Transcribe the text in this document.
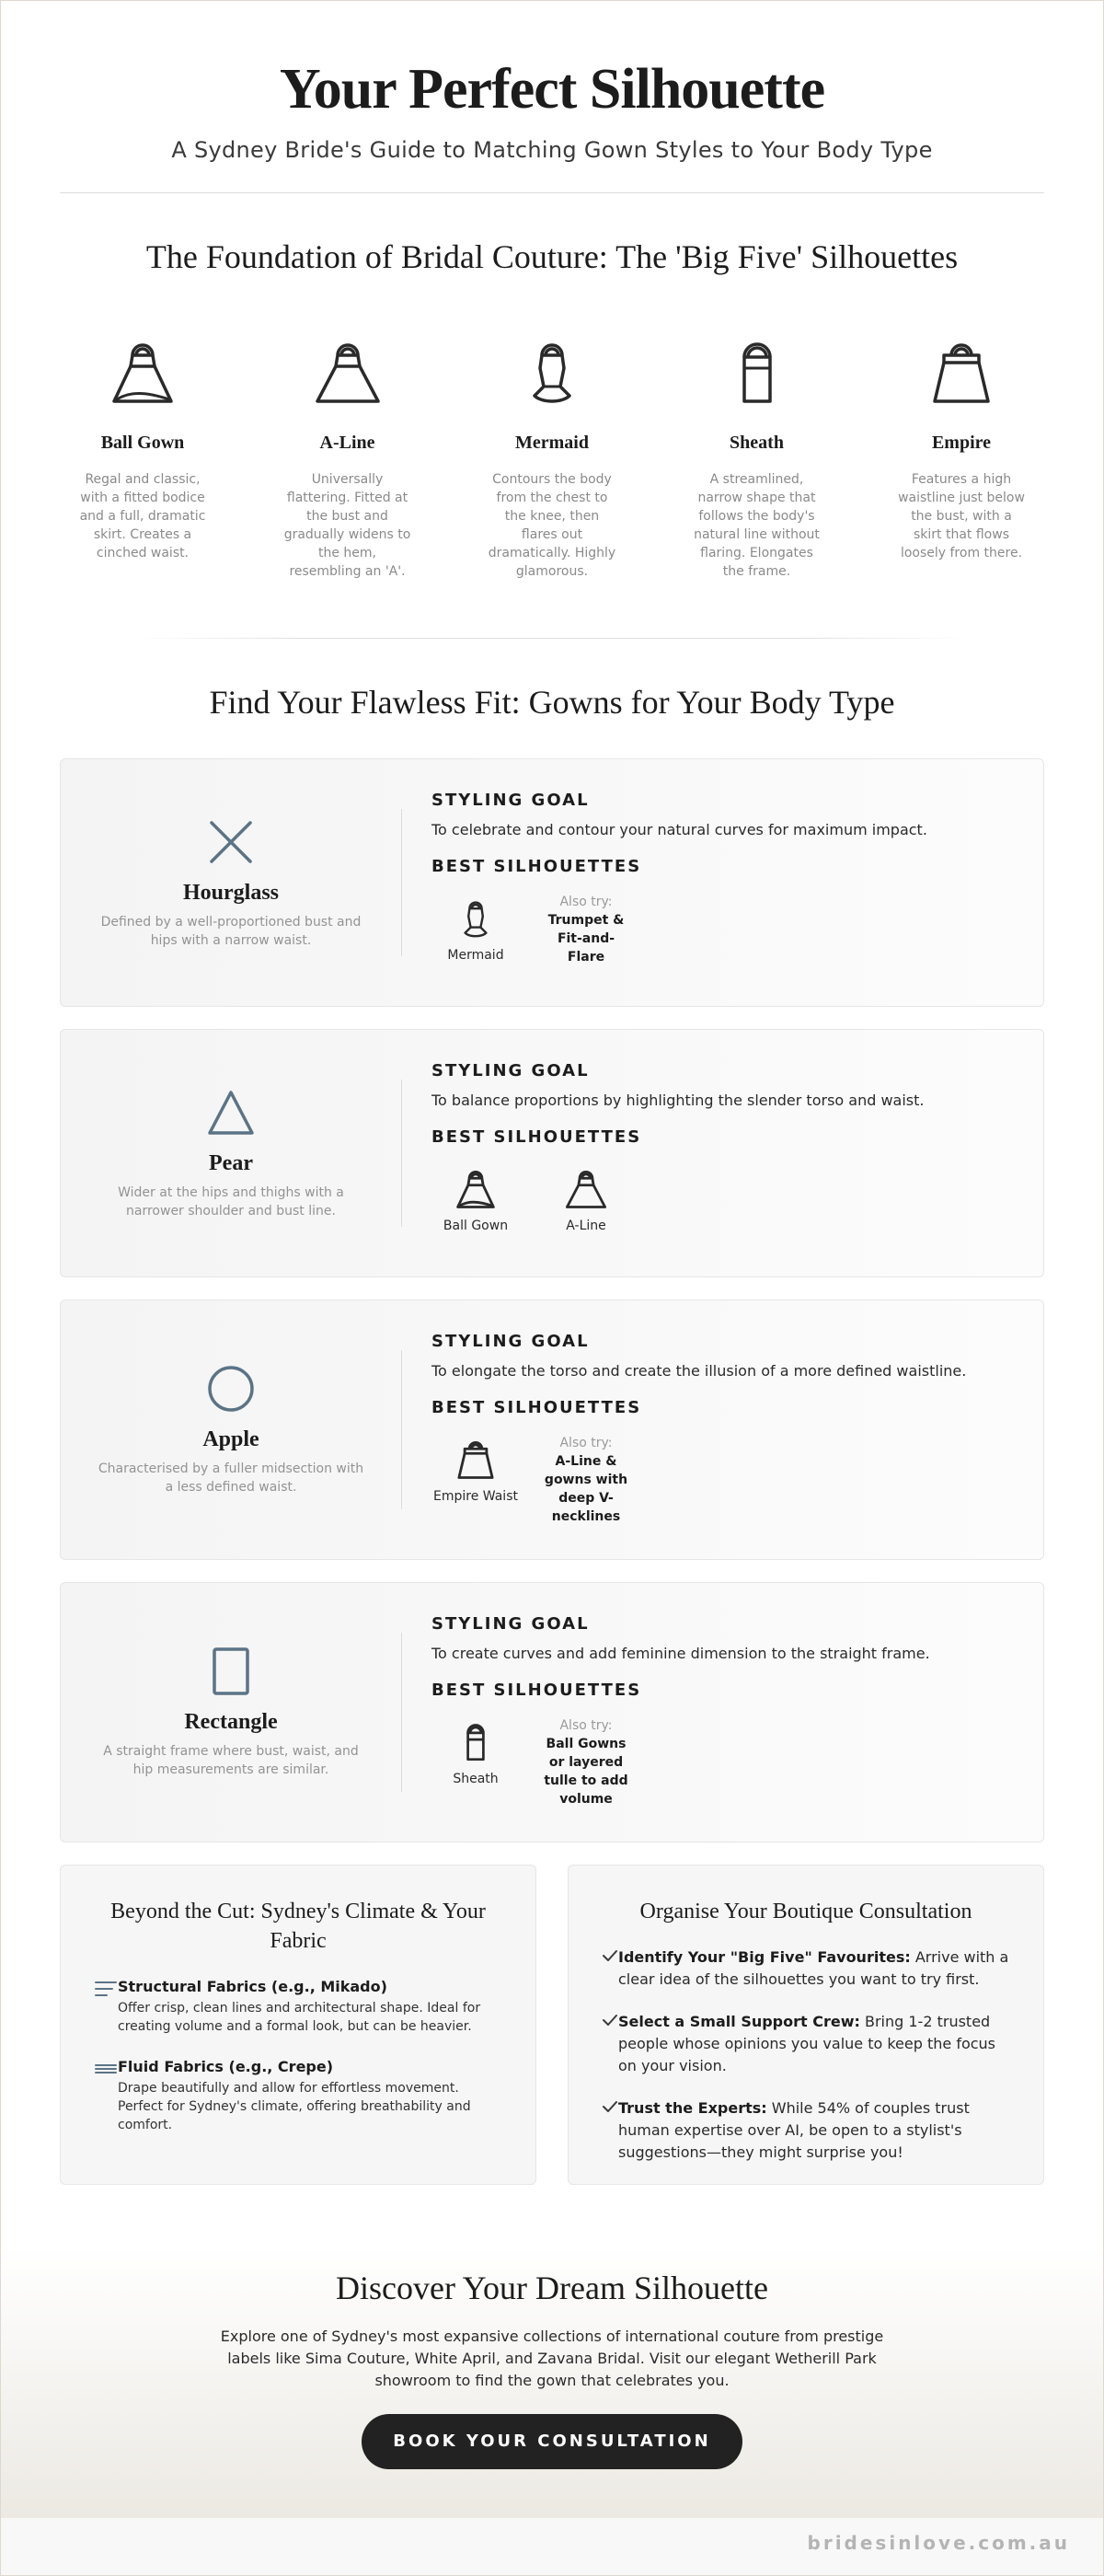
Your Perfect Silhouette
A Sydney Bride's Guide to Matching Gown Styles to Your Body Type
The Foundation of Bridal Couture: The 'Big Five' Silhouettes
Ball Gown
Regal and classic, with a fitted bodice and a full, dramatic skirt. Creates a cinched waist.
A-Line
Universally flattering. Fitted at the bust and gradually widens to the hem, resembling an 'A'.
Mermaid
Contours the body from the chest to the knee, then flares out dramatically. Highly glamorous.
Sheath
A streamlined, narrow shape that follows the body's natural line without flaring. Elongates the frame.
Empire
Features a high waistline just below the bust, with a skirt that flows loosely from there.
Find Your Flawless Fit: Gowns for Your Body Type
Hourglass
Defined by a well-proportioned bust and hips with a narrow waist.
STYLING GOAL
To celebrate and contour your natural curves for maximum impact.
BEST SILHOUETTES
Mermaid
Also try:
Trumpet & Fit-and-Flare
Pear
Wider at the hips and thighs with a narrower shoulder and bust line.
STYLING GOAL
To balance proportions by highlighting the slender torso and waist.
BEST SILHOUETTES
Ball Gown	A-Line
Apple
Characterised by a fuller midsection with a less defined waist.
STYLING GOAL
To elongate the torso and create the illusion of a more defined waistline.
BEST SILHOUETTES
Empire Waist
Also try:
A-Line & gowns with deep V-necklines
Rectangle
A straight frame where bust, waist, and hip measurements are similar.
STYLING GOAL
To create curves and add feminine dimension to the straight frame.
BEST SILHOUETTES
Sheath
Also try:
Ball Gowns or layered tulle to add volume
Beyond the Cut: Sydney's Climate & Your Fabric
Structural Fabrics (e.g., Mikado)
Offer crisp, clean lines and architectural shape. Ideal for creating volume and a formal look, but can be heavier.
Fluid Fabrics (e.g., Crepe)
Drape beautifully and allow for effortless movement. Perfect for Sydney's climate, offering breathability and comfort.
Organise Your Boutique Consultation
Identify Your "Big Five" Favourites: Arrive with a clear idea of the silhouettes you want to try first.
Select a Small Support Crew: Bring 1-2 trusted people whose opinions you value to keep the focus on your vision.
Trust the Experts: While 54% of couples trust human expertise over AI, be open to a stylist's suggestions—they might surprise you!
Discover Your Dream Silhouette

Explore one of Sydney's most expansive collections of international couture from prestige labels like Sima Couture, White April, and Zavana Bridal. Visit our elegant Wetherill Park showroom to find the gown that celebrates you.

BOOK YOUR CONSULTATION
bridesinlove.com.au
